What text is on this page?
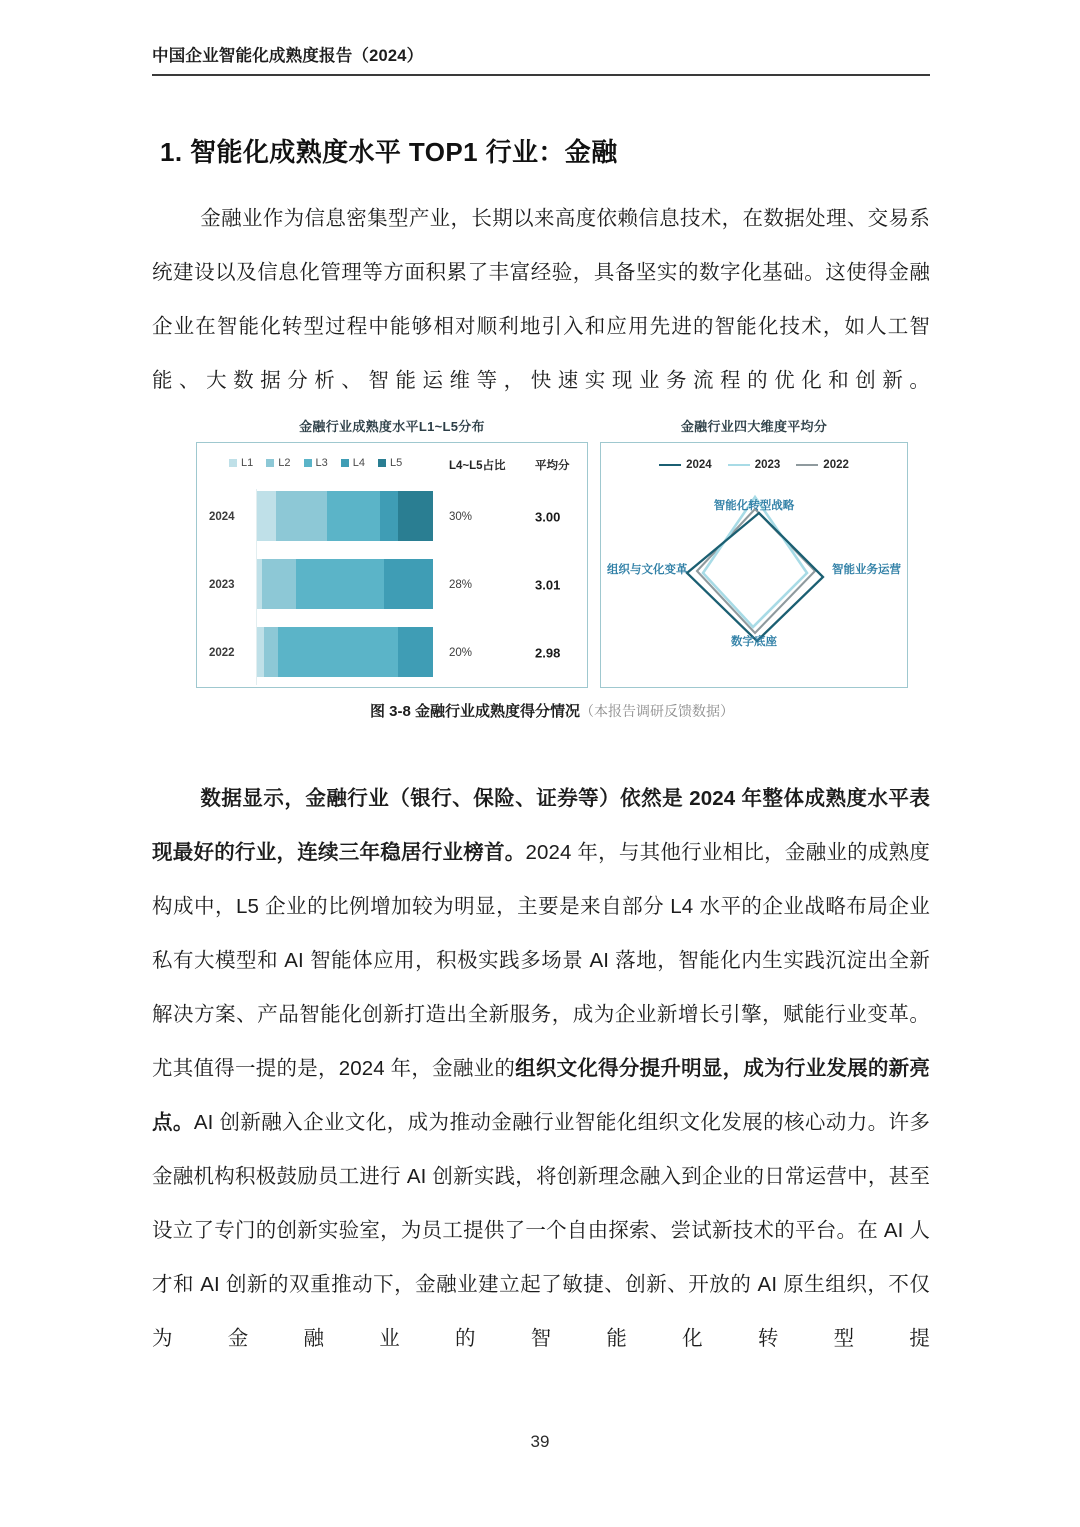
中国企业智能化成熟度报告（2024）
1. 智能化成熟度水平 TOP1 行业：金融
金融业作为信息密集型产业，长期以来高度依赖信息技术，在数据处理、交易系统建设以及信息化管理等方面积累了丰富经验，具备坚实的数字化基础。这使得金融企业在智能化转型过程中能够相对顺利地引入和应用先进的智能化技术，如人工智能、大数据分析、智能运维等，快速实现业务流程的优化和创新。
金融行业成熟度水平L1~L5分布
L1 L2 L3 L4 L5	L4~L5占比	平均分
2024	30%	3.00
2023	28%	3.01
2022	20%	2.98
金融行业四大维度平均分
2024	2023	2022
智能化转型战略
智能业务运营
数字底座
组织与文化变革
图 3-8 金融行业成熟度得分情况（本报告调研反馈数据）
数据显示，金融行业（银行、保险、证券等）依然是 2024 年整体成熟度水平表现最好的行业，连续三年稳居行业榜首。2024 年，与其他行业相比，金融业的成熟度构成中，L5 企业的比例增加较为明显，主要是来自部分 L4 水平的企业战略布局企业私有大模型和 AI 智能体应用，积极实践多场景 AI 落地，智能化内生实践沉淀出全新解决方案、产品智能化创新打造出全新服务，成为企业新增长引擎，赋能行业变革。尤其值得一提的是，2024 年，金融业的组织文化得分提升明显，成为行业发展的新亮点。AI 创新融入企业文化，成为推动金融行业智能化组织文化发展的核心动力。许多金融机构积极鼓励员工进行 AI 创新实践，将创新理念融入到企业的日常运营中，甚至设立了专门的创新实验室，为员工提供了一个自由探索、尝试新技术的平台。在 AI 人才和 AI 创新的双重推动下，金融业建立起了敏捷、创新、开放的 AI 原生组织，不仅为金融业的智能化转型提
39
